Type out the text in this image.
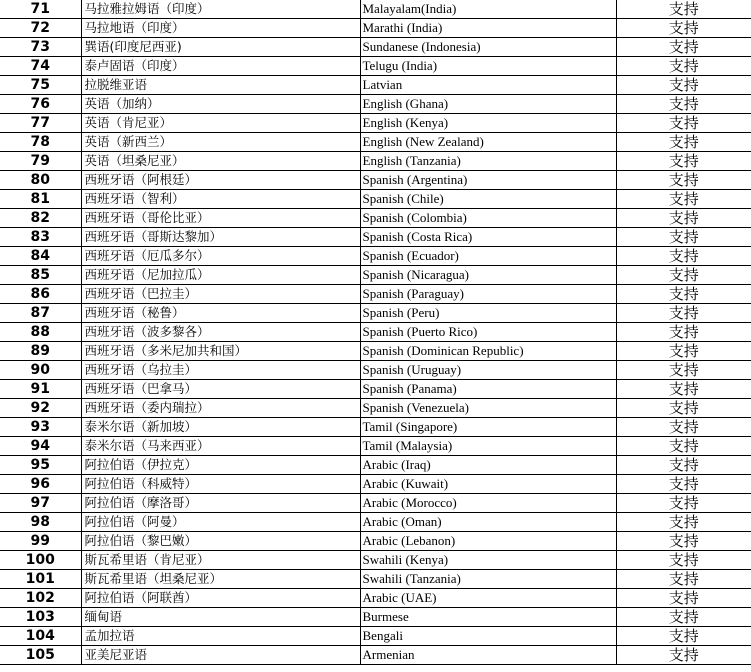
71	马拉雅拉姆语（印度）	Malayalam(India)	支持
72	马拉地语（印度）	Marathi (India)	支持
73	巽语(印度尼西亚)	Sundanese (Indonesia)	支持
74	泰卢固语（印度）	Telugu (India)	支持
75	拉脱维亚语	Latvian	支持
76	英语（加纳）	English (Ghana)	支持
77	英语（肯尼亚）	English (Kenya)	支持
78	英语（新西兰）	English (New Zealand)	支持
79	英语（坦桑尼亚）	English (Tanzania)	支持
80	西班牙语（阿根廷）	Spanish (Argentina)	支持
81	西班牙语（智利）	Spanish (Chile)	支持
82	西班牙语（哥伦比亚）	Spanish (Colombia)	支持
83	西班牙语（哥斯达黎加）	Spanish (Costa Rica)	支持
84	西班牙语（厄瓜多尔）	Spanish (Ecuador)	支持
85	西班牙语（尼加拉瓜）	Spanish (Nicaragua)	支持
86	西班牙语（巴拉圭）	Spanish (Paraguay)	支持
87	西班牙语（秘鲁）	Spanish (Peru)	支持
88	西班牙语（波多黎各）	Spanish (Puerto Rico)	支持
89	西班牙语（多米尼加共和国）	Spanish (Dominican Republic)	支持
90	西班牙语（乌拉圭）	Spanish (Uruguay)	支持
91	西班牙语（巴拿马）	Spanish (Panama)	支持
92	西班牙语（委内瑞拉）	Spanish (Venezuela)	支持
93	泰米尔语（新加坡）	Tamil (Singapore)	支持
94	泰米尔语（马来西亚）	Tamil (Malaysia)	支持
95	阿拉伯语（伊拉克）	Arabic (Iraq)	支持
96	阿拉伯语（科威特）	Arabic (Kuwait)	支持
97	阿拉伯语（摩洛哥）	Arabic (Morocco)	支持
98	阿拉伯语（阿曼）	Arabic (Oman)	支持
99	阿拉伯语（黎巴嫩）	Arabic (Lebanon)	支持
100	斯瓦希里语（肯尼亚）	Swahili (Kenya)	支持
101	斯瓦希里语（坦桑尼亚）	Swahili (Tanzania)	支持
102	阿拉伯语（阿联酋）	Arabic (UAE)	支持
103	缅甸语	Burmese	支持
104	孟加拉语	Bengali	支持
105	亚美尼亚语	Armenian	支持
